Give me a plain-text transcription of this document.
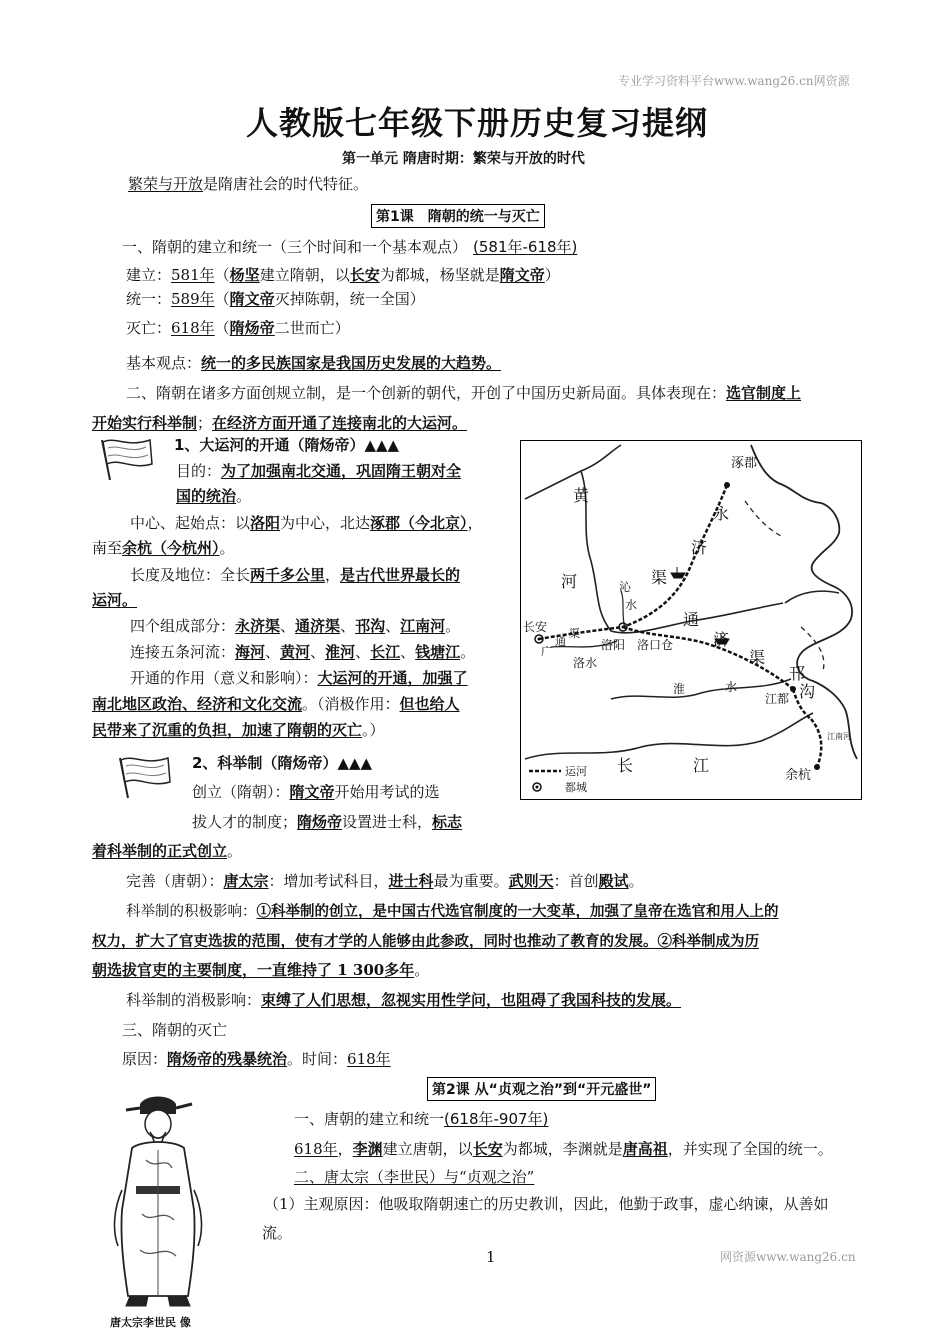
专业学习资料平台www.wang26.cn网资源
网资源www.wang26.cn
人教版七年级下册历史复习提纲
第一单元 隋唐时期：繁荣与开放的时代
繁荣与开放是隋唐社会的时代特征。
第1课　隋朝的统一与灭亡
一、隋朝的建立和统一（三个时间和一个基本观点） (581年-618年)
建立：581年（杨坚建立隋朝，以长安为都城，杨坚就是隋文帝）
统一：589年（隋文帝灭掉陈朝，统一全国）
灭亡：618年（隋炀帝二世而亡）
基本观点：统一的多民族国家是我国历史发展的大趋势。
二、隋朝在诸多方面创规立制，是一个创新的朝代，开创了中国历史新局面。具体表现在：选官制度上
开始实行科举制；在经济方面开通了连接南北的大运河。
1、大运河的开通（隋炀帝）▲▲▲
目的：为了加强南北交通，巩固隋王朝对全
国的统治。
中心、起始点：以洛阳为中心，北达涿郡（今北京），
南至余杭（今杭州）。
长度及地位：全长两千多公里，是古代世界最长的
运河。
四个组成部分：永济渠、通济渠、邗沟、江南河。
连接五条河流：海河、黄河、淮河、长江、钱塘江。
开通的作用（意义和影响）：大运河的开通，加强了
南北地区政治、经济和文化交流。（消极作用：但也给人
民带来了沉重的负担，加速了隋朝的灭亡。）
2、科举制（隋炀帝）▲▲▲
创立（隋朝）：隋文帝开始用考试的选
拔人才的制度；隋炀帝设置进士科，标志
着科举制的正式创立。
完善（唐朝）：唐太宗：增加考试科目，进士科最为重要。武则天：首创殿试。
科举制的积极影响：①科举制的创立，是中国古代选官制度的一大变革，加强了皇帝在选官和用人上的
权力，扩大了官吏选拔的范围，使有才学的人能够由此参政，同时也推动了教育的发展。②科举制成为历
朝选拔官吏的主要制度，一直维持了 1 300多年。
科举制的消极影响：束缚了人们思想，忽视实用性学问，也阻碍了我国科技的发展。
三、隋朝的灭亡
原因：隋炀帝的残暴统治。时间：618年
涿郡
黄
河
永
济
渠
沁
水
长安
广
通
渠
洛阳 洛口仓
洛水
通
济
渠
淮	水
邗
沟
江都
长	江
余杭
江南河
运河
都城
第2课 从“贞观之治”到“开元盛世”
一、唐朝的建立和统一(618年-907年)
618年，李渊建立唐朝，以长安为都城，李渊就是唐高祖，并实现了全国的统一。
二、唐太宗（李世民）与“贞观之治”
（1）主观原因：他吸取隋朝速亡的历史教训，因此，他勤于政事，虚心纳谏，从善如
流。
1
唐太宗李世民 像
